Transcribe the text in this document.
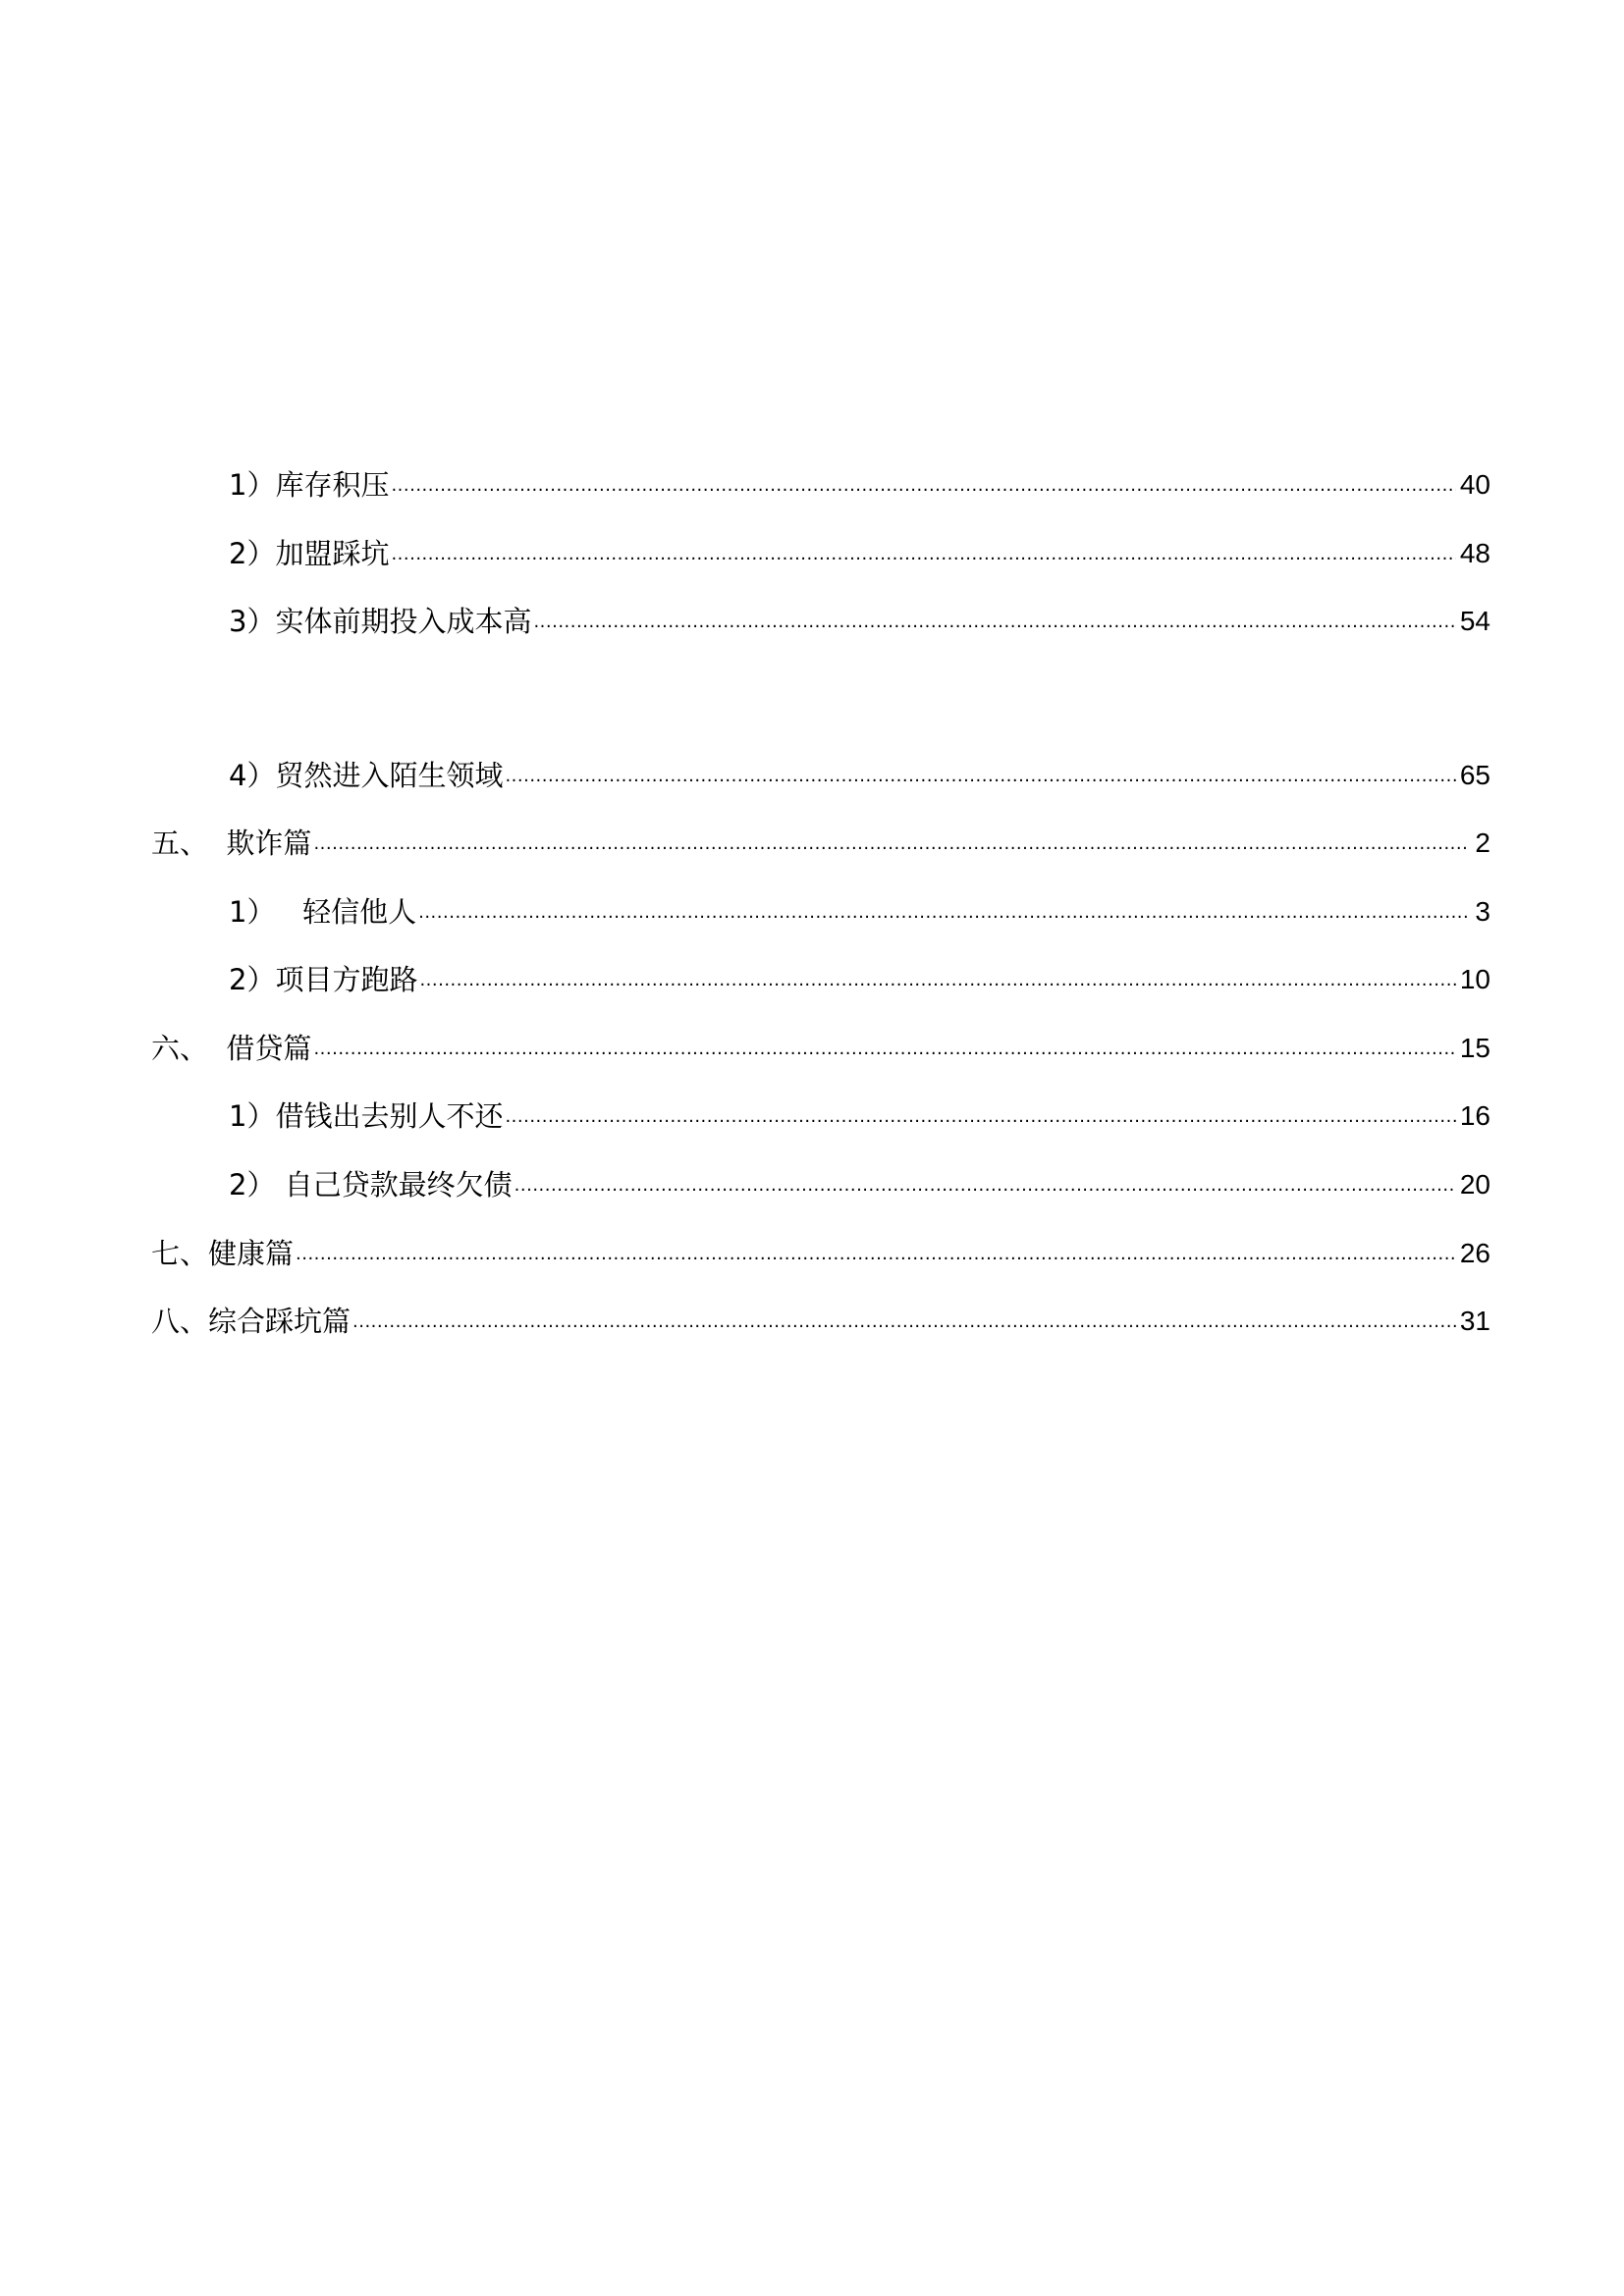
1）库存积压 .....	40
2）加盟踩坑 .....	48
3）实体前期投入成本高 .....	54
4）贸然进入陌生领域 .....	65
五、  欺诈篇 .....	2
1）   轻信他人 .....	3
2）项目方跑路 .....	10
六、  借贷篇 .....	15
1）借钱出去别人不还 .....	16
2） 自己贷款最终欠债 .....	20
七、健康篇 .....	26
八、综合踩坑篇 .....	31
